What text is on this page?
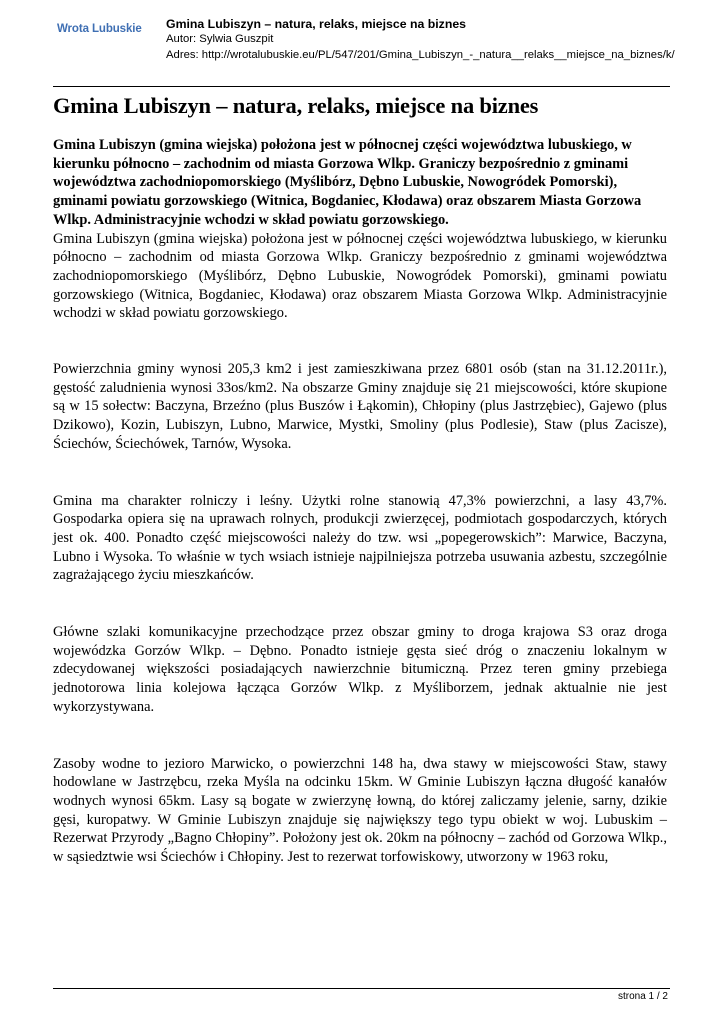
Wrota Lubuskie Gmina Lubiszyn – natura, relaks, miejsce na biznes
Autor: Sylwia Guszpit
Adres: http://wrotalubuskie.eu/PL/547/201/Gmina_Lubiszyn_-_natura__relaks__miejsce_na_biznes/k/
Gmina Lubiszyn – natura, relaks, miejsce na biznes

Gmina Lubiszyn (gmina wiejska) położona jest w północnej części województwa lubuskiego, w kierunku północno – zachodnim od miasta Gorzowa Wlkp. Graniczy bezpośrednio z gminami województwa zachodniopomorskiego (Myślibórz, Dębno Lubuskie, Nowogródek Pomorski), gminami powiatu gorzowskiego (Witnica, Bogdaniec, Kłodawa) oraz obszarem Miasta Gorzowa Wlkp. Administracyjnie wchodzi w skład powiatu gorzowskiego.

Gmina Lubiszyn (gmina wiejska) położona jest w północnej części województwa lubuskiego, w kierunku północno – zachodnim od miasta Gorzowa Wlkp. Graniczy bezpośrednio z gminami województwa zachodniopomorskiego (Myślibórz, Dębno Lubuskie, Nowogródek Pomorski), gminami powiatu gorzowskiego (Witnica, Bogdaniec, Kłodawa) oraz obszarem Miasta Gorzowa Wlkp. Administracyjnie wchodzi w skład powiatu gorzowskiego.

Powierzchnia gminy wynosi 205,3 km2 i jest zamieszkiwana przez 6801 osób (stan na 31.12.2011r.), gęstość zaludnienia wynosi 33os/km2. Na obszarze Gminy znajduje się 21 miejscowości, które skupione są w 15 sołectw: Baczyna, Brzeźno (plus Buszów i Łąkomin), Chłopiny (plus Jastrzębiec), Gajewo (plus Dzikowo), Kozin, Lubiszyn, Lubno, Marwice, Mystki, Smoliny (plus Podlesie), Staw (plus Zacisze), Ściechów, Ściechówek, Tarnów, Wysoka.

Gmina ma charakter rolniczy i leśny. Użytki rolne stanowią 47,3% powierzchni, a lasy 43,7%. Gospodarka opiera się na uprawach rolnych, produkcji zwierzęcej, podmiotach gospodarczych, których jest ok. 400. Ponadto część miejscowości należy do tzw. wsi „popegerowskich”: Marwice, Baczyna, Lubno i Wysoka. To właśnie w tych wsiach istnieje najpilniejsza potrzeba usuwania azbestu, szczególnie zagrażającego życiu mieszkańców.

Główne szlaki komunikacyjne przechodzące przez obszar gminy to droga krajowa S3 oraz droga wojewódzka Gorzów Wlkp. – Dębno. Ponadto istnieje gęsta sieć dróg o znaczeniu lokalnym w zdecydowanej większości posiadających nawierzchnie bitumiczną. Przez teren gminy przebiega jednotorowa linia kolejowa łącząca Gorzów Wlkp. z Myśliborzem, jednak aktualnie nie jest wykorzystywana.

Zasoby wodne to jezioro Marwicko, o powierzchni 148 ha, dwa stawy w miejscowości Staw, stawy hodowlane w Jastrzębcu, rzeka Myśla na odcinku 15km. W Gminie Lubiszyn łączna długość kanałów wodnych wynosi 65km. Lasy są bogate w zwierzynę łowną, do której zaliczamy jelenie, sarny, dzikie gęsi, kuropatwy. W Gminie Lubiszyn znajduje się największy tego typu obiekt w woj. Lubuskim – Rezerwat Przyrody „Bagno Chłopiny”. Położony jest ok. 20km na północny – zachód od Gorzowa Wlkp., w sąsiedztwie wsi Ściechów i Chłopiny. Jest to rezerwat torfowiskowy, utworzony w 1963 roku,

strona 1 / 2
